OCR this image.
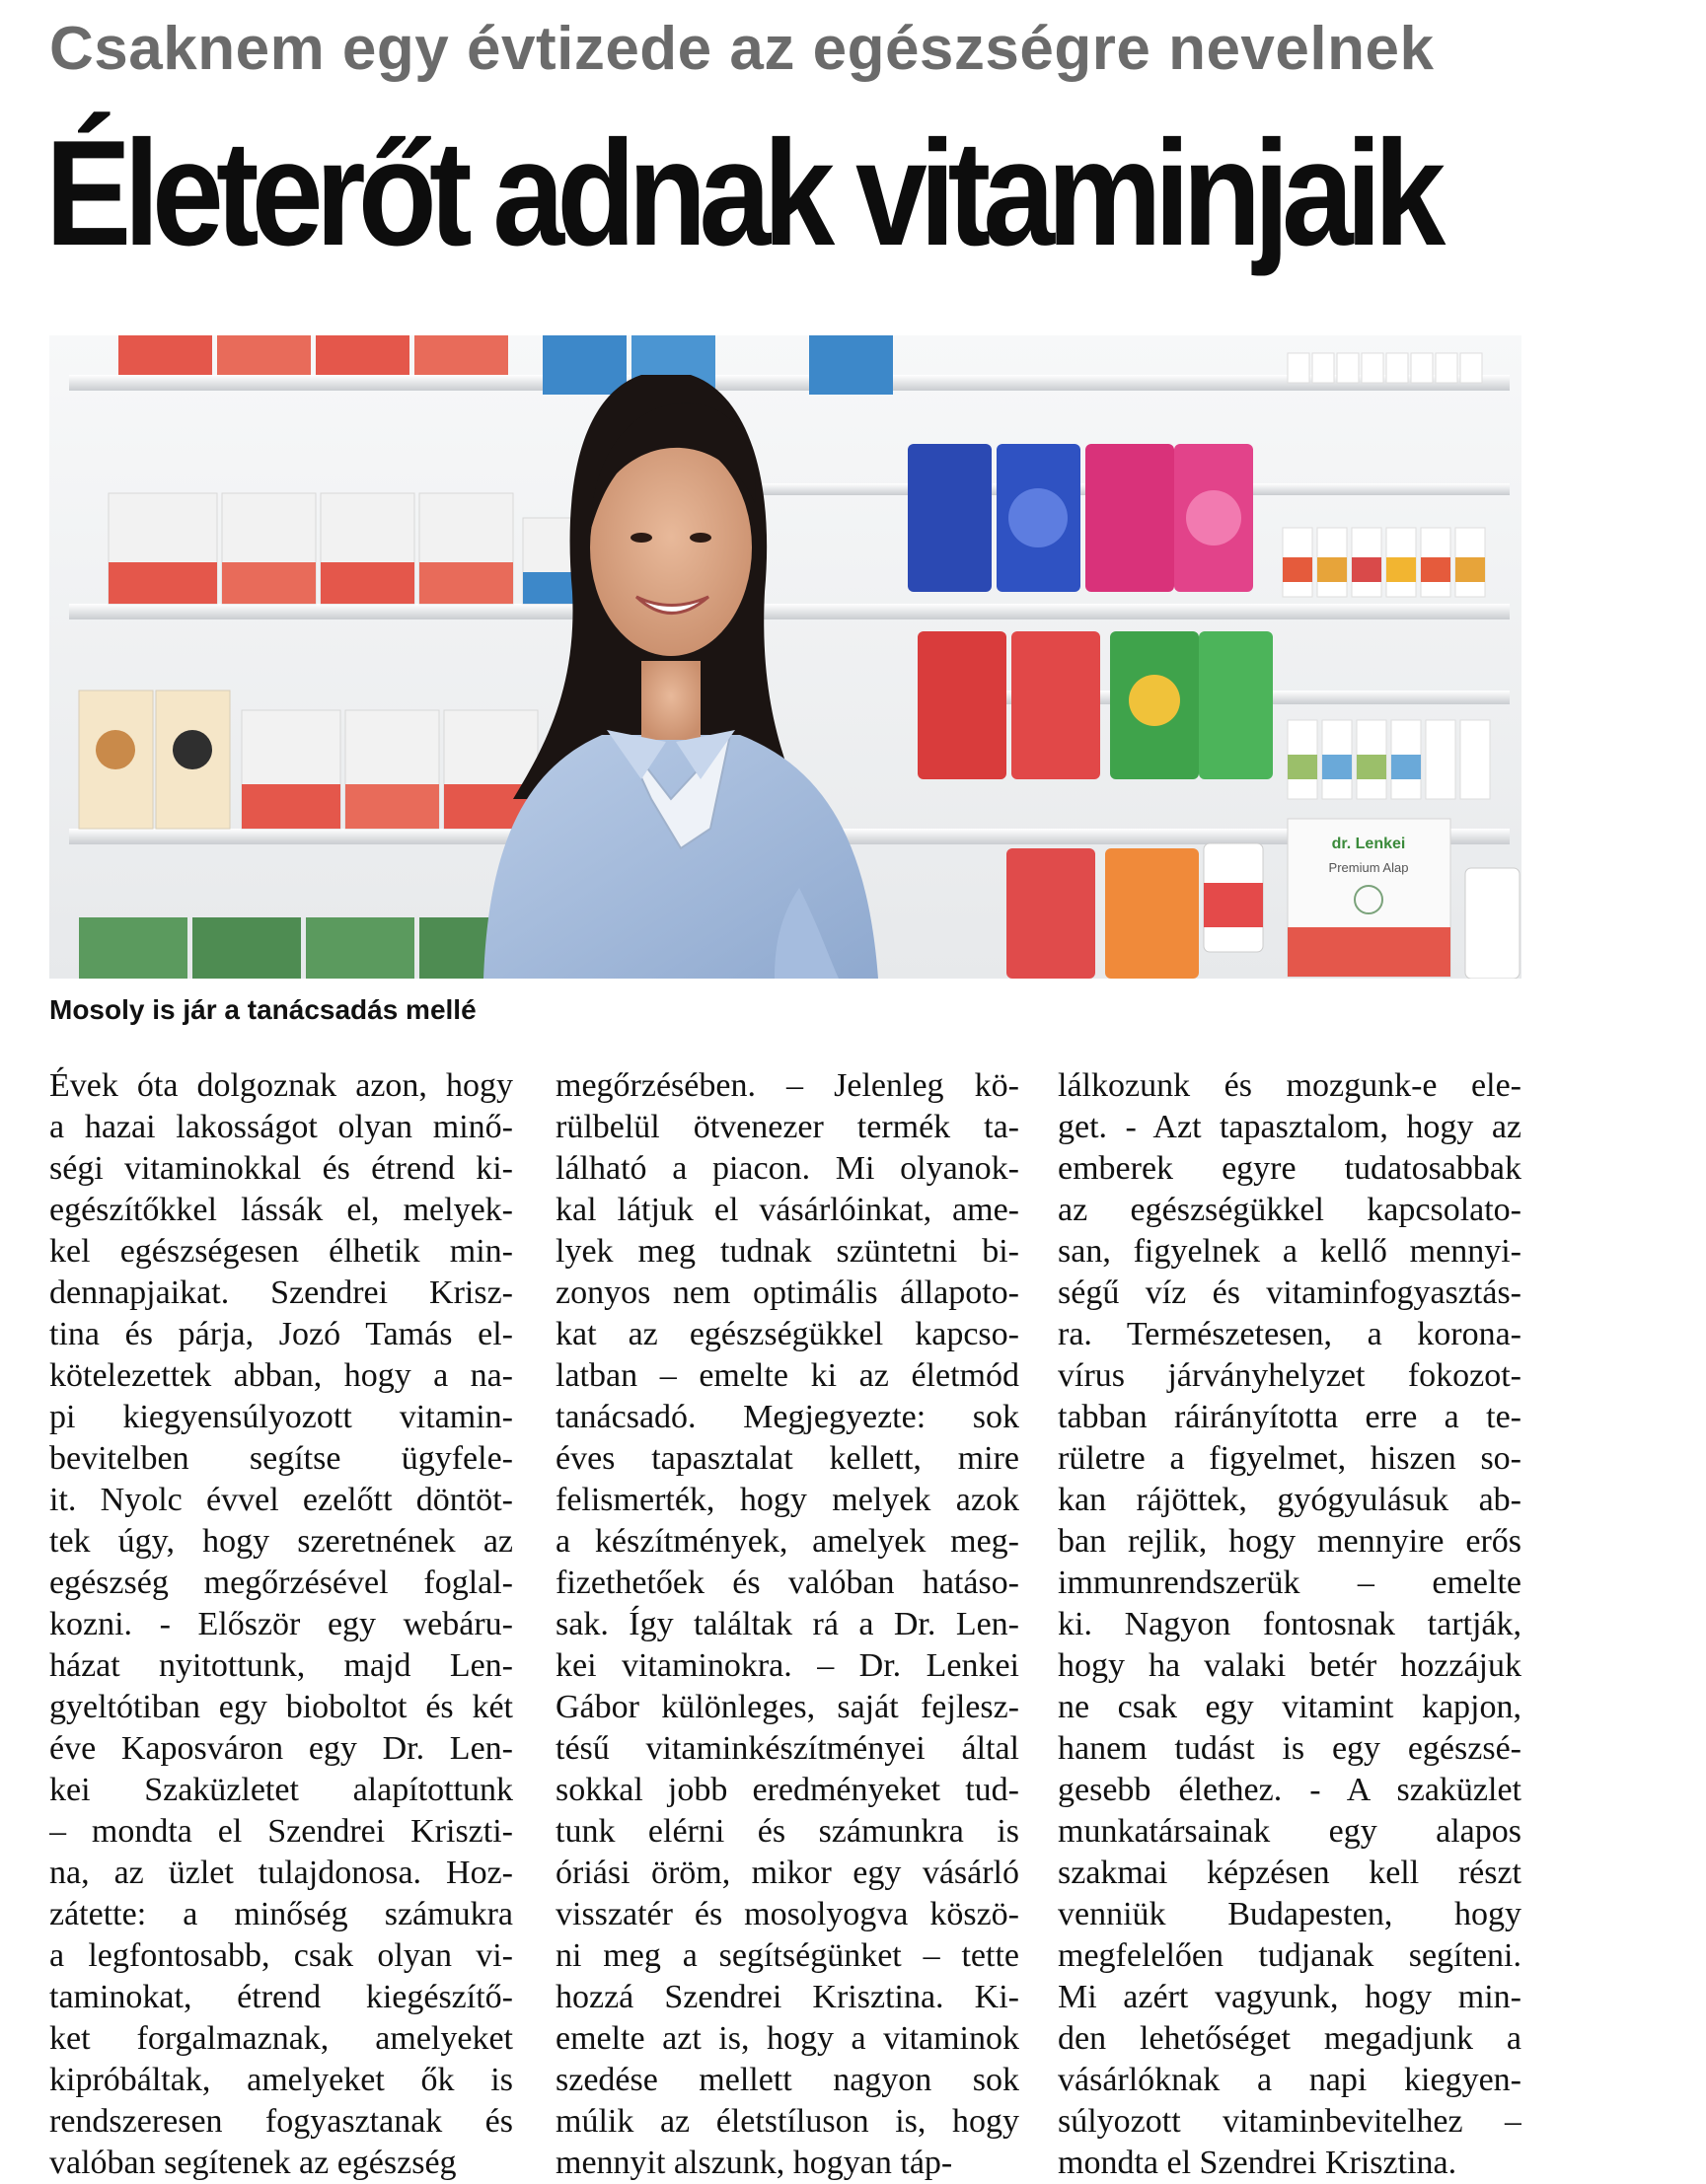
Csaknem egy évtizede az egészségre nevelnek
Életerőt adnak vitaminjaik
dr. Lenkei
Premium Alap
Mosoly is jár a tanácsadás mellé
Évek óta dolgoznak azon, hogy
a hazai lakosságot olyan minő-
ségi vitaminokkal és étrend ki-
egészítőkkel lássák el, melyek-
kel egészségesen élhetik min-
dennapjaikat. Szendrei Krisz-
tina és párja, Jozó Tamás el-
kötelezettek abban, hogy a na-
pi kiegyensúlyozott vitamin-
bevitelben segítse ügyfele-
it. Nyolc évvel ezelőtt döntöt-
tek úgy, hogy szeretnének az
egészség megőrzésével foglal-
kozni. - Először egy webáru-
házat nyitottunk, majd Len-
gyeltótiban egy bioboltot és két
éve Kaposváron egy Dr. Len-
kei Szaküzletet alapítottunk
– mondta el Szendrei Kriszti-
na, az üzlet tulajdonosa. Hoz-
zátette: a minőség számukra
a legfontosabb, csak olyan vi-
taminokat, étrend kiegészítő-
ket forgalmaznak, amelyeket
kipróbáltak, amelyeket ők is
rendszeresen fogyasztanak és
valóban segítenek az egészség
megőrzésében. – Jelenleg kö-
rülbelül ötvenezer termék ta-
lálható a piacon. Mi olyanok-
kal látjuk el vásárlóinkat, ame-
lyek meg tudnak szüntetni bi-
zonyos nem optimális állapoto-
kat az egészségükkel kapcso-
latban – emelte ki az életmód
tanácsadó. Megjegyezte: sok
éves tapasztalat kellett, mire
felismerték, hogy melyek azok
a készítmények, amelyek meg-
fizethetőek és valóban hatáso-
sak. Így találtak rá a Dr. Len-
kei vitaminokra. – Dr. Lenkei
Gábor különleges, saját fejlesz-
tésű vitaminkészítményei által
sokkal jobb eredményeket tud-
tunk elérni és számunkra is
óriási öröm, mikor egy vásárló
visszatér és mosolyogva köszö-
ni meg a segítségünket – tette
hozzá Szendrei Krisztina. Ki-
emelte azt is, hogy a vitaminok
szedése mellett nagyon sok
múlik az életstíluson is, hogy
mennyit alszunk, hogyan táp-
lálkozunk és mozgunk-e ele-
get. - Azt tapasztalom, hogy az
emberek egyre tudatosabbak
az egészségükkel kapcsolato-
san, figyelnek a kellő mennyi-
ségű víz és vitaminfogyasztás-
ra. Természetesen, a korona-
vírus járványhelyzet fokozot-
tabban ráirányította erre a te-
rületre a figyelmet, hiszen so-
kan rájöttek, gyógyulásuk ab-
ban rejlik, hogy mennyire erős
immunrendszerük – emelte
ki. Nagyon fontosnak tartják,
hogy ha valaki betér hozzájuk
ne csak egy vitamint kapjon,
hanem tudást is egy egészsé-
gesebb élethez. - A szaküzlet
munkatársainak egy alapos
szakmai képzésen kell részt
venniük Budapesten, hogy
megfelelően tudjanak segíteni.
Mi azért vagyunk, hogy min-
den lehetőséget megadjunk a
vásárlóknak a napi kiegyen-
súlyozott vitaminbevitelhez –
mondta el Szendrei Krisztina.
